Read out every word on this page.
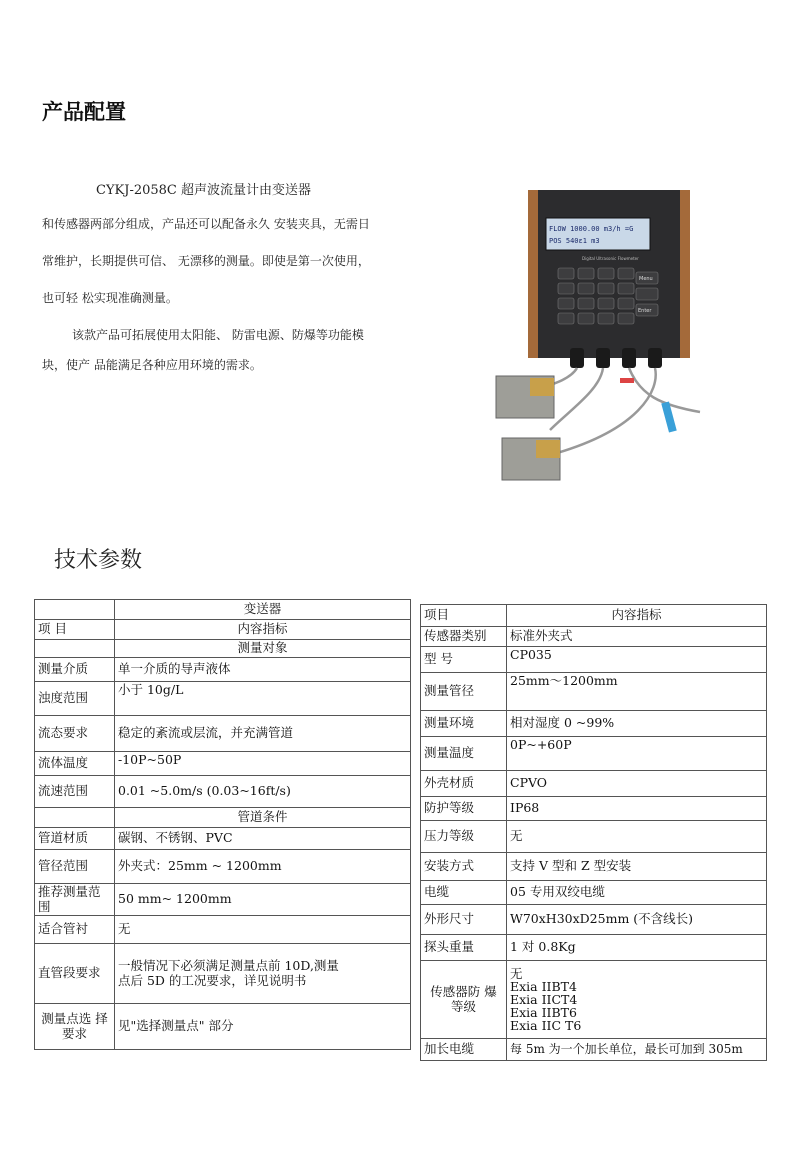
产品配置
CYKJ-2058C 超声波流量计由变送器
和传感器两部分组成，产品还可以配备永久 安装夹具，无需日
常维护，长期提供可信、 无漂移的测量。即使是第一次使用，
也可轻 松实现准确测量。
该款产品可拓展使用太阳能、 防雷电源、防爆等功能模
块，使产 品能满足各种应用环境的需求。
FLOW 1000.00 m3/h =G
POS 540ε1 m3
Digital Ultrasonic Flowmeter
Menu
Enter
技术参数
	变送器
项 目	内容指标
	测量对象
测量介质	单一介质的导声液体
浊度范围	小于 10g/L
流态要求	稳定的紊流或层流，并充满管道
流体温度	-10P~50P
流速范围	0.01 ~5.0m/s (0.03~16ft/s)
	管道条件
管道材质	碳钢、不锈钢、PVC
管径范围	外夹式：25mm ~ 1200mm
推荐测量范围	50 mm~ 1200mm
适合管衬	无
直管段要求	一般情况下必须满足测量点前 10D,测量
点后 5D 的工况要求，详见说明书
测量点选 择
要求	见"选择测量点" 部分
项目	内容指标
传感器类别	标准外夹式
型 号	CP035
测量管径	25mm～1200mm
测量环境	相对湿度 0 ~99%
测量温度	0P~+60P
外壳材质	CPVO
防护等级	IP68
压力等级	无
安装方式	支持 V 型和 Z 型安装
电缆	05 专用双绞电缆
外形尺寸	W70xH30xD25mm (不含线长)
探头重量	1 对 0.8Kg
传感器防 爆
等级	无
Exia IIBT4
Exia IICT4
Exia IIBT6
Exia IIC T6
加长电缆	每 5m 为一个加长单位，最长可加到 305m
